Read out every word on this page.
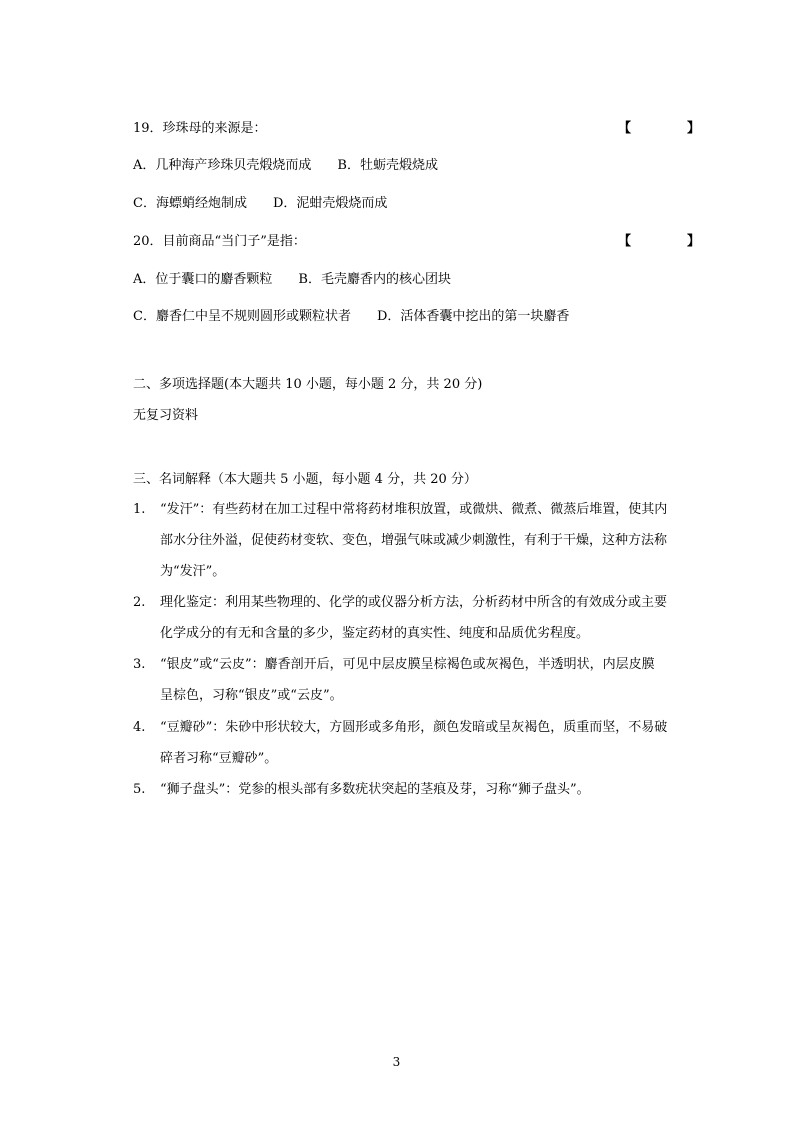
19．珍珠母的来源是：	【	】
A．几种海产珍珠贝壳煅烧而成　　B．牡蛎壳煅烧成
C．海螵蛸经炮制成　　D．泥蚶壳煅烧而成
20．目前商品“当门子”是指：	【	】
A．位于囊口的麝香颗粒　　B．毛壳麝香内的核心团块
C．麝香仁中呈不规则圆形或颗粒状者　　D．活体香囊中挖出的第一块麝香
二、多项选择题(本大题共 10 小题，每小题 2 分，共 20 分)
无复习资料
三、名词解释（本大题共 5 小题，每小题 4 分，共 20 分）
1. “发汗”：有些药材在加工过程中常将药材堆积放置，或微烘、微煮、微蒸后堆置，使其内
部水分往外溢，促使药材变软、变色，增强气味或减少刺激性，有利于干燥，这种方法称
为“发汗”。
2. 理化鉴定：利用某些物理的、化学的或仪器分析方法，分析药材中所含的有效成分或主要
化学成分的有无和含量的多少，鉴定药材的真实性、纯度和品质优劣程度。
3. “银皮”或“云皮”：麝香剖开后，可见中层皮膜呈棕褐色或灰褐色，半透明状，内层皮膜
呈棕色，习称“银皮”或“云皮”。
4. “豆瓣砂”：朱砂中形状较大，方圆形或多角形，颜色发暗或呈灰褐色，质重而坚，不易破
碎者习称“豆瓣砂”。
5. “狮子盘头”：党参的根头部有多数疣状突起的茎痕及芽，习称“狮子盘头”。
3
